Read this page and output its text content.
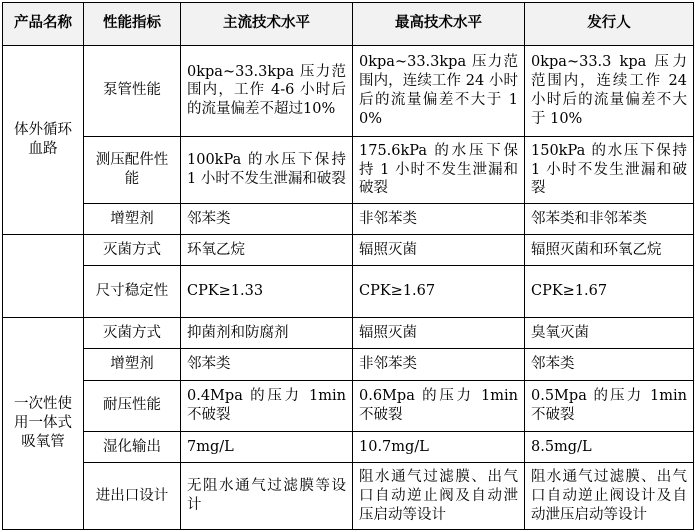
产品名称	性能指标	主流技术水平	最高技术水平	发行人
体外循环血路	泵管性能	0kpa~33.3kpa 压力范围内，工作 4-6 小时后的流量偏差不超过10%	0kpa~33.3kpa 压力范围内，连续工作 24 小时后的流量偏差不大于 10%	0kpa~33.3 kpa 压力范围内，连续工作 24 小时后的流量偏差不大于 10%
	测压配件性能	100kPa 的水压下保持 1 小时不发生泄漏和破裂	175.6kPa 的水压下保持 1 小时不发生泄漏和破裂	150kPa 的水压下保持 1 小时不发生泄漏和破裂
	增塑剂	邻苯类	非邻苯类	邻苯类和非邻苯类
	灭菌方式	环氧乙烷	辐照灭菌	辐照灭菌和环氧乙烷
	尺寸稳定性	CPK≥1.33	CPK≥1.67	CPK≥1.67
一次性使用一体式吸氧管	灭菌方式	抑菌剂和防腐剂	辐照灭菌	臭氧灭菌
	增塑剂	邻苯类	非邻苯类	邻苯类
	耐压性能	0.4Mpa 的压力 1min 不破裂	0.6Mpa 的压力 1min 不破裂	0.5Mpa 的压力 1min 不破裂
	湿化输出	7mg/L	10.7mg/L	8.5mg/L
	进出口设计	无阻水通气过滤膜等设计	阻水通气过滤膜、出气口自动逆止阀及自动泄压启动等设计	阻水通气过滤膜、出气口自动逆止阀设计及自动泄压启动等设计
